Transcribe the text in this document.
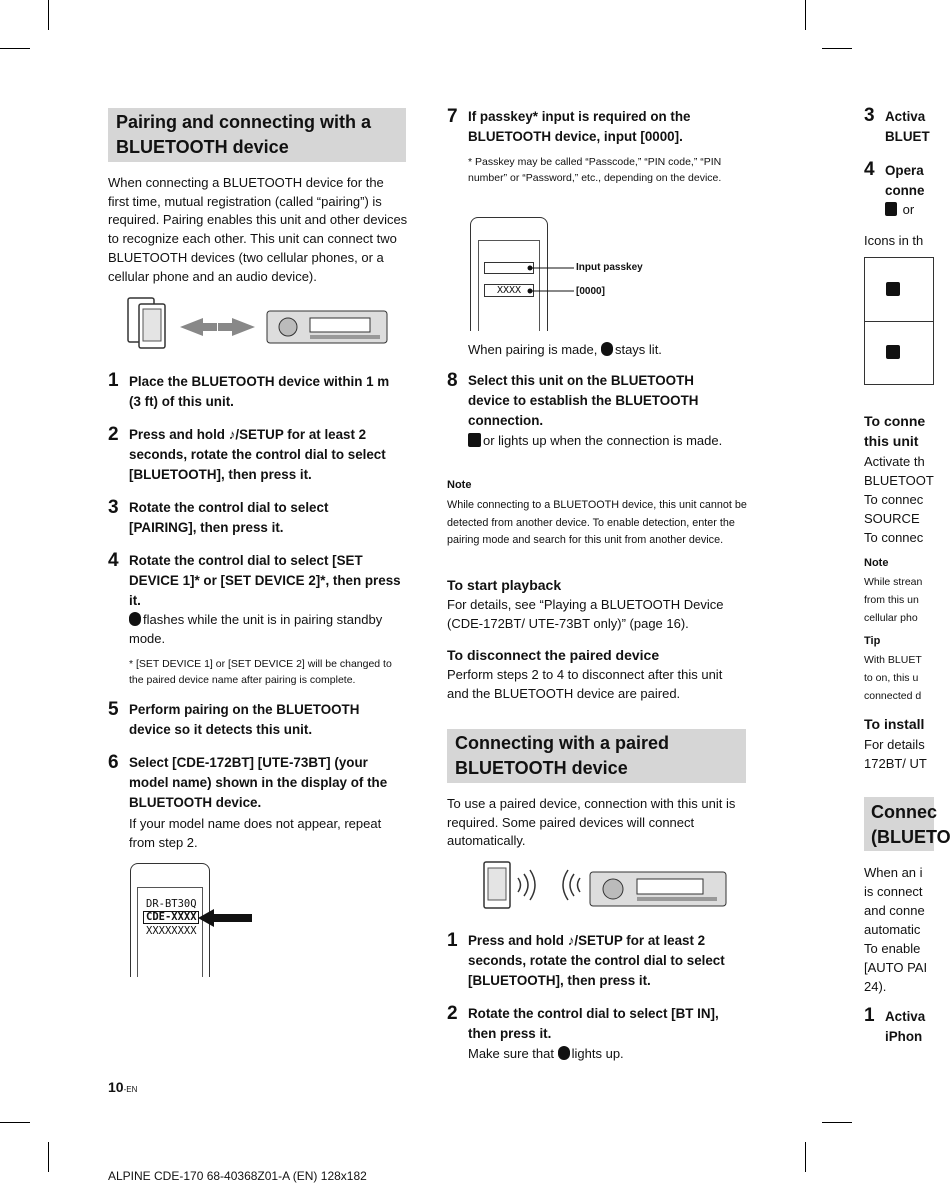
Pairing and connecting with a BLUETOOTH device
When connecting a BLUETOOTH device for the first time, mutual registration (called “pairing”) is required. Pairing enables this unit and other devices to recognize each other. This unit can connect two BLUETOOTH devices (two cellular phones, or a cellular phone and an audio device).
1 Place the BLUETOOTH device within 1 m (3 ft) of this unit.
2 Press and hold ♪/SETUP for at least 2 seconds, rotate the control dial to select [BLUETOOTH], then press it.
3 Rotate the control dial to select [PAIRING], then press it.
4 Rotate the control dial to select [SET DEVICE 1]* or [SET DEVICE 2]*, then press it.
flashes while the unit is in pairing standby mode.
* [SET DEVICE 1] or [SET DEVICE 2] will be changed to the paired device name after pairing is complete.
5 Perform pairing on the BLUETOOTH device so it detects this unit.
6 Select [CDE-172BT] [UTE-73BT] (your model name) shown in the display of the BLUETOOTH device.
If your model name does not appear, repeat from step 2.
DR-BT30Q
CDE-XXXX
XXXXXXXX
10-EN
ALPINE CDE-170 68-40368Z01-A (EN) 128x182
7 If passkey* input is required on the BLUETOOTH device, input [0000].
* Passkey may be called “Passcode,” “PIN code,” “PIN number” or “Password,” etc., depending on the device.
XXXX
Input passkey
[0000]
When pairing is made, stays lit.
8 Select this unit on the BLUETOOTH device to establish the BLUETOOTH connection.
or lights up when the connection is made.
Note
While connecting to a BLUETOOTH device, this unit cannot be detected from another device. To enable detection, enter the pairing mode and search for this unit from another device.
To start playback
For details, see “Playing a BLUETOOTH Device (CDE-172BT/ UTE-73BT only)” (page 16).
To disconnect the paired device
Perform steps 2 to 4 to disconnect after this unit and the BLUETOOTH device are paired.
Connecting with a paired BLUETOOTH device
To use a paired device, connection with this unit is required. Some paired devices will connect automatically.
1 Press and hold ♪/SETUP for at least 2 seconds, rotate the control dial to select [BLUETOOTH], then press it.
2 Rotate the control dial to select [BT IN], then press it.
Make sure that lights up.
3 Activa
BLUET
4 Opera
conne
or
Icons in th
To conne
this unit
Activate th
BLUETOOT
To connec
SOURCE
To connec
Note
While strean
from this un
cellular pho
Tip
With BLUET
to on, this u
connected d
To install
For details
172BT/ UT
Connec
(BLUETO
When an i
is connect
and conne
automatic
To enable
[AUTO PAI
24).
1 Activa
iPhon
